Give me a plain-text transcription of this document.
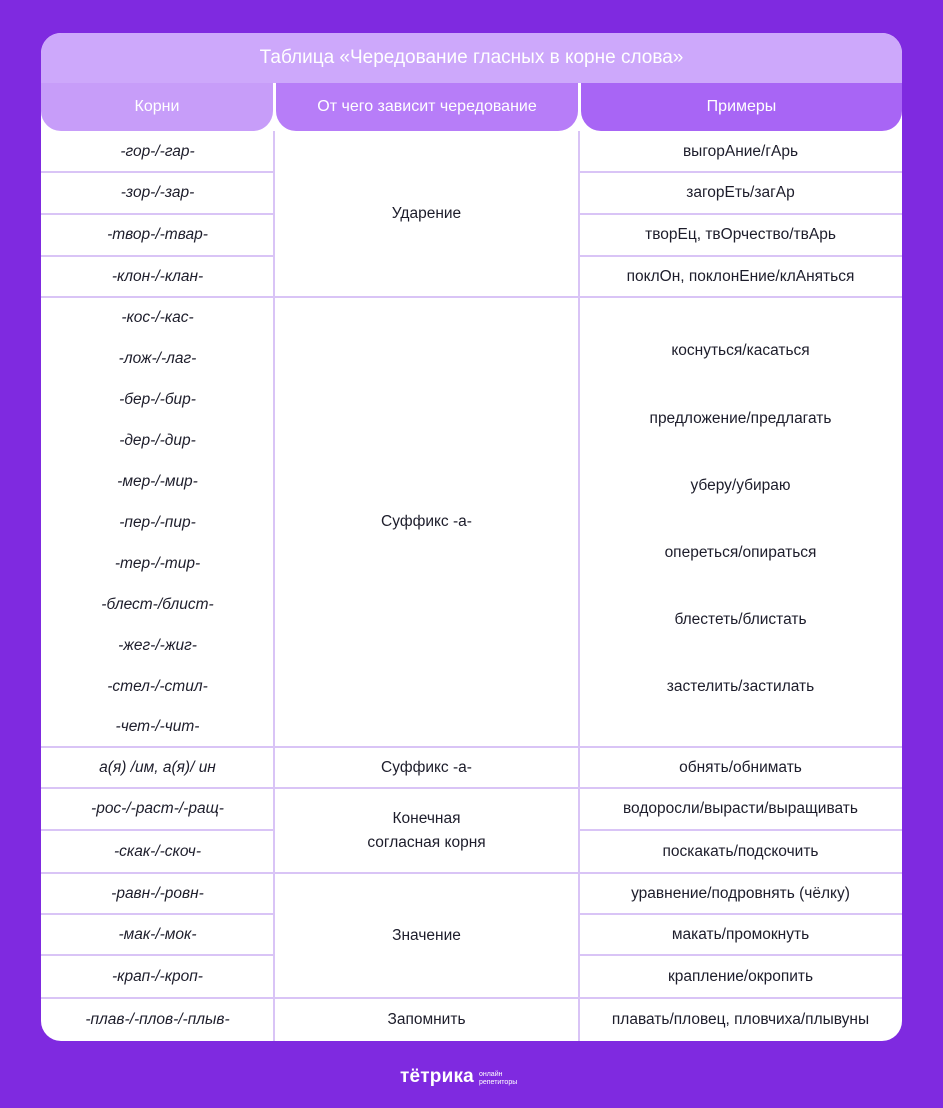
Таблица «Чередование гласных в корне слова»
Корни	От чего зависит чередование	Примеры
-гор-/-гар-
-зор-/-зар-
-твор-/-твар-
-клон-/-клан-
-кос-/-кас-
-лож-/-лаг-
-бер-/-бир-
-дер-/-дир-
-мер-/-мир-
-пер-/-пир-
-тер-/-тир-
-блест-/блист-
-жег-/-жиг-
-стел-/-стил-
-чет-/-чит-
а(я) /им, а(я)/ ин
-рос-/-раст-/-ращ-
-скак-/-скоч-
-равн-/-ровн-
-мак-/-мок-
-крап-/-кроп-
-плав-/-плов-/-плыв-
Ударение
Суффикс -а-
Суффикс -а-
Конечная согласная корня
Значение
Запомнить
выгорАние/гАрь
загорЕть/загАр
творЕц, твОрчество/твАрь
поклОн, поклонЕние/клАняться
коснуться/касаться
предложение/предлагать
уберу/убираю
опереться/опираться
блестеть/блистать
застелить/застилать
обнять/обнимать
водоросли/вырасти/выращивать
поскакать/подскочить
уравнение/подровнять (чёлку)
макать/промокнуть
крапление/окропить
плавать/пловец, пловчиха/плывуны
тётрика онлайн
репетиторы
